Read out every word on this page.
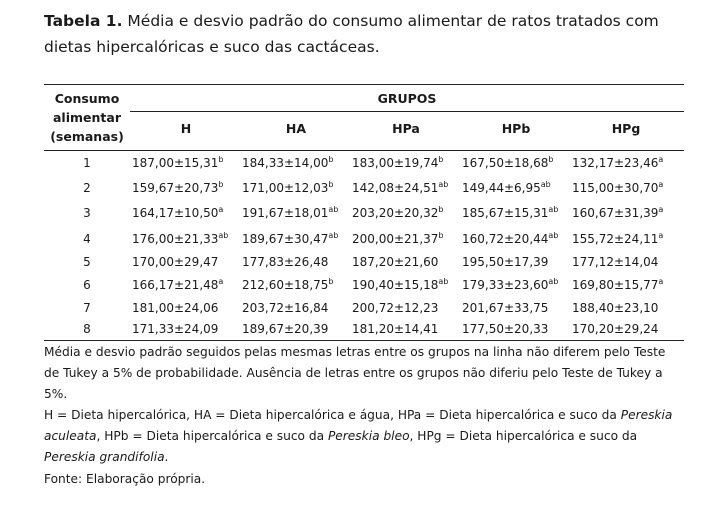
Tabela 1. Média e desvio padrão do consumo alimentar de ratos tratados com dietas hipercalóricas e suco das cactáceas.
Consumo
alimentar
(semanas)
GRUPOS
H	HA	HPa	HPb	HPg
1	187,00±15,31$^b$ 184,33±14,00$^b$ 183,00±19,74$^b$ 167,50±18,68$^b$ 132,17±23,46$^a$
2	159,67±20,73$^b$ 171,00±12,03$^b$ 142,08±24,51$^{ab}$ 149,44±6,95$^{ab}$ 115,00±30,70$^a$
3	164,17±10,50$^a$ 191,67±18,01$^{ab}$ 203,20±20,32$^b$ 185,67±15,31$^{ab}$ 160,67±31,39$^a$
4	176,00±21,33$^{ab}$ 189,67±30,47$^{ab}$ 200,00±21,37$^b$ 160,72±20,44$^{ab}$ 155,72±24,11$^a$
5	170,00±29,47 177,83±26,48 187,20±21,60 195,50±17,39 177,12±14,04
6	166,17±21,48$^a$ 212,60±18,75$^b$ 190,40±15,18$^{ab}$ 179,33±23,60$^{ab}$ 169,80±15,77$^a$
7	181,00±24,06 203,72±16,84 200,72±12,23 201,67±33,75 188,40±23,10
8	171,33±24,09 189,67±20,39 181,20±14,41 177,50±20,33 170,20±29,24
Média e desvio padrão seguidos pelas mesmas letras entre os grupos na linha não diferem pelo Teste de Tukey a 5% de probabilidade. Ausência de letras entre os grupos não diferiu pelo Teste de Tukey a 5%.
H = Dieta hipercalórica, HA = Dieta hipercalórica e água, HPa = Dieta hipercalórica e suco da Pereskia aculeata, HPb = Dieta hipercalórica e suco da Pereskia bleo, HPg = Dieta hipercalórica e suco da Pereskia grandifolia.
Fonte: Elaboração própria.
